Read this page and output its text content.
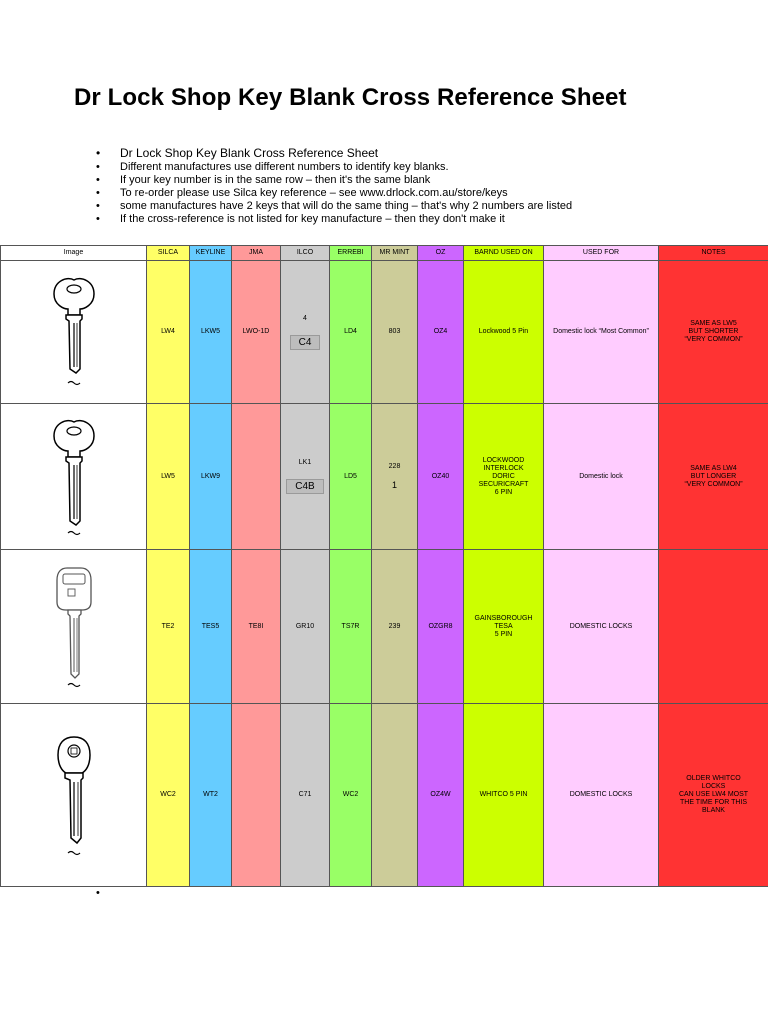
Dr Lock Shop Key Blank Cross Reference Sheet
• Dr Lock Shop Key Blank Cross Reference Sheet
• Different manufactures use different numbers to identify key blanks.
• If your key number is in the same row – then it's the same blank
• To re-order please use Silca key reference – see www.drlock.com.au/store/keys
• some manufactures have 2 keys that will do the same thing – that's why 2 numbers are listed
• If the cross-reference is not listed for key manufacture – then they don't make it
Image	SILCA	KEYLINE	JMA	ILCO	ERREBI	MR MINT	OZ	BARND USED ON	USED FOR	NOTES

	LW4	LKW5	LWO-1D	4
C4	LD4	803	OZ4	Lockwood 5 Pin	Domestic lock “Most Common”	SAME AS LW5
BUT SHORTER
“VERY COMMON”

	LW5	LKW9		LK1
C4B	LD5	228
1	OZ40	LOCKWOOD
INTERLOCK
DORIC
SECURICRAFT
6 PIN	Domestic lock	SAME AS LW4
BUT LONGER
“VERY COMMON”

	TE2	TES5	TE8I	GR10	TS7R	239	OZGR8	GAINSBOROUGH
TESA
5 PIN	DOMESTIC LOCKS	

	WC2	WT2		C71	WC2		OZ4W	WHITCO 5 PIN	DOMESTIC LOCKS	OLDER WHITCO
LOCKS
CAN USE LW4 MOST
THE TIME FOR THIS
BLANK
•
